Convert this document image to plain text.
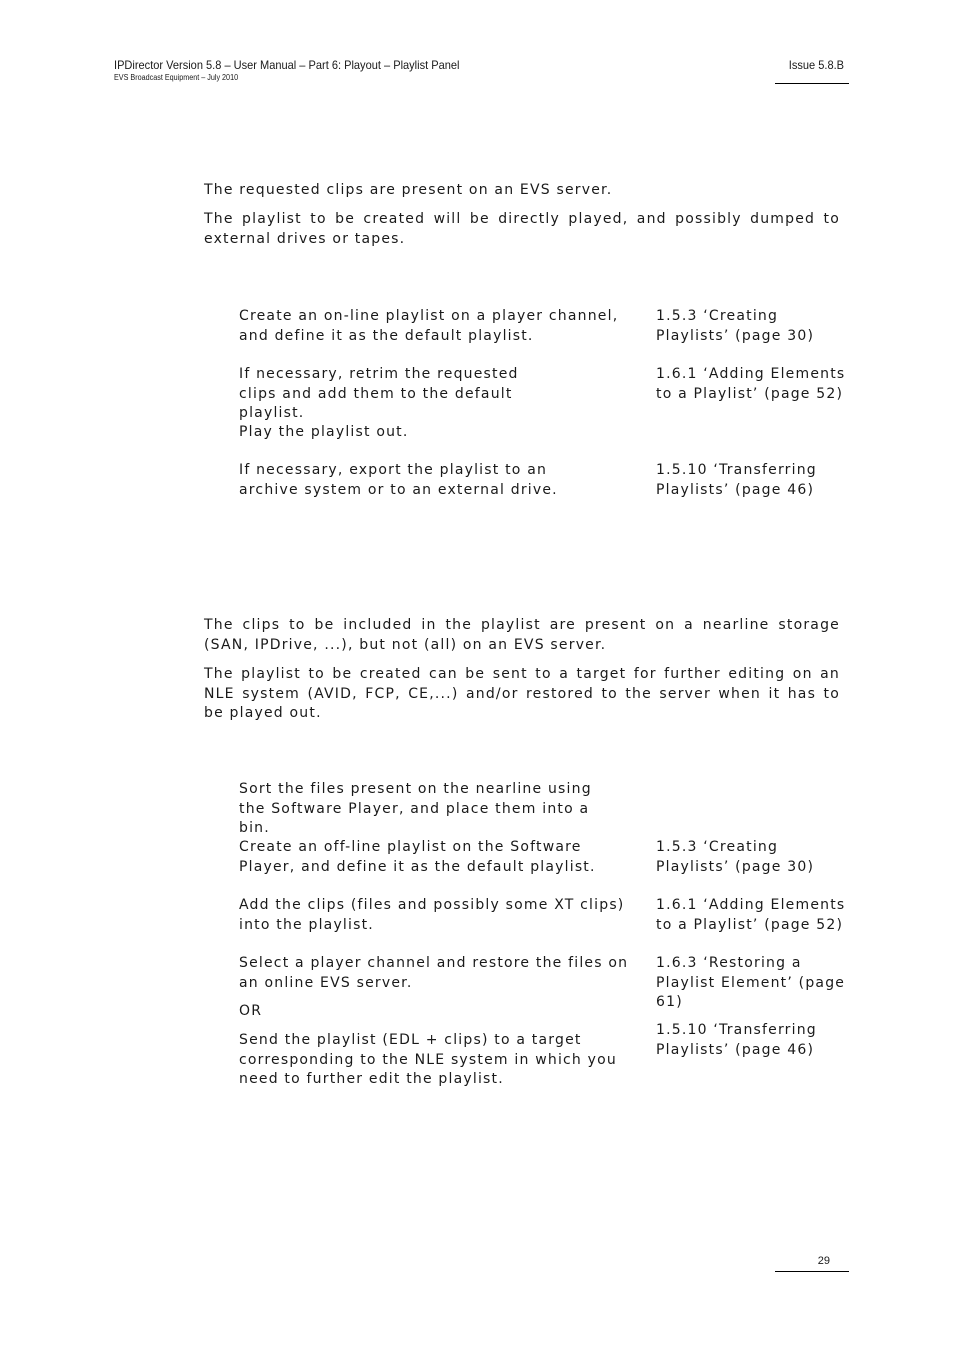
IPDirector Version 5.8 – User Manual – Part 6: Playout – Playlist Panel
EVS Broadcast Equipment – July 2010
Issue 5.8.B
The requested clips are present on an EVS server.
The playlist to be created will be directly played, and possibly dumped to external drives or tapes.
Create an on-line playlist on a player channel, and define it as the default playlist.
1.5.3 ‘Creating Playlists’ (page 30)
If necessary, retrim the requested clips and add them to the default playlist.
1.6.1 ‘Adding Elements to a Playlist’ (page 52)
Play the playlist out.
If necessary, export the playlist to an archive system or to an external drive.
1.5.10 ‘Transferring Playlists’ (page 46)
The clips to be included in the playlist are present on a nearline storage (SAN, IPDrive, ...), but not (all) on an EVS server.
The playlist to be created can be sent to a target for further editing on an NLE system (AVID, FCP, CE,...) and/or restored to the server when it has to be played out.
Sort the files present on the nearline using the Software Player, and place them into a bin.
Create an off-line playlist on the Software Player, and define it as the default playlist.
1.5.3 ‘Creating Playlists’ (page 30)
Add the clips (files and possibly some XT clips) into the playlist.
1.6.1 ‘Adding Elements to a Playlist’ (page 52)
Select a player channel and restore the files on an online EVS server.
1.6.3 ‘Restoring a Playlist Element’ (page 61)
OR
Send the playlist (EDL + clips) to a target corresponding to the NLE system in which you need to further edit the playlist.
1.5.10 ‘Transferring Playlists’ (page 46)
29
